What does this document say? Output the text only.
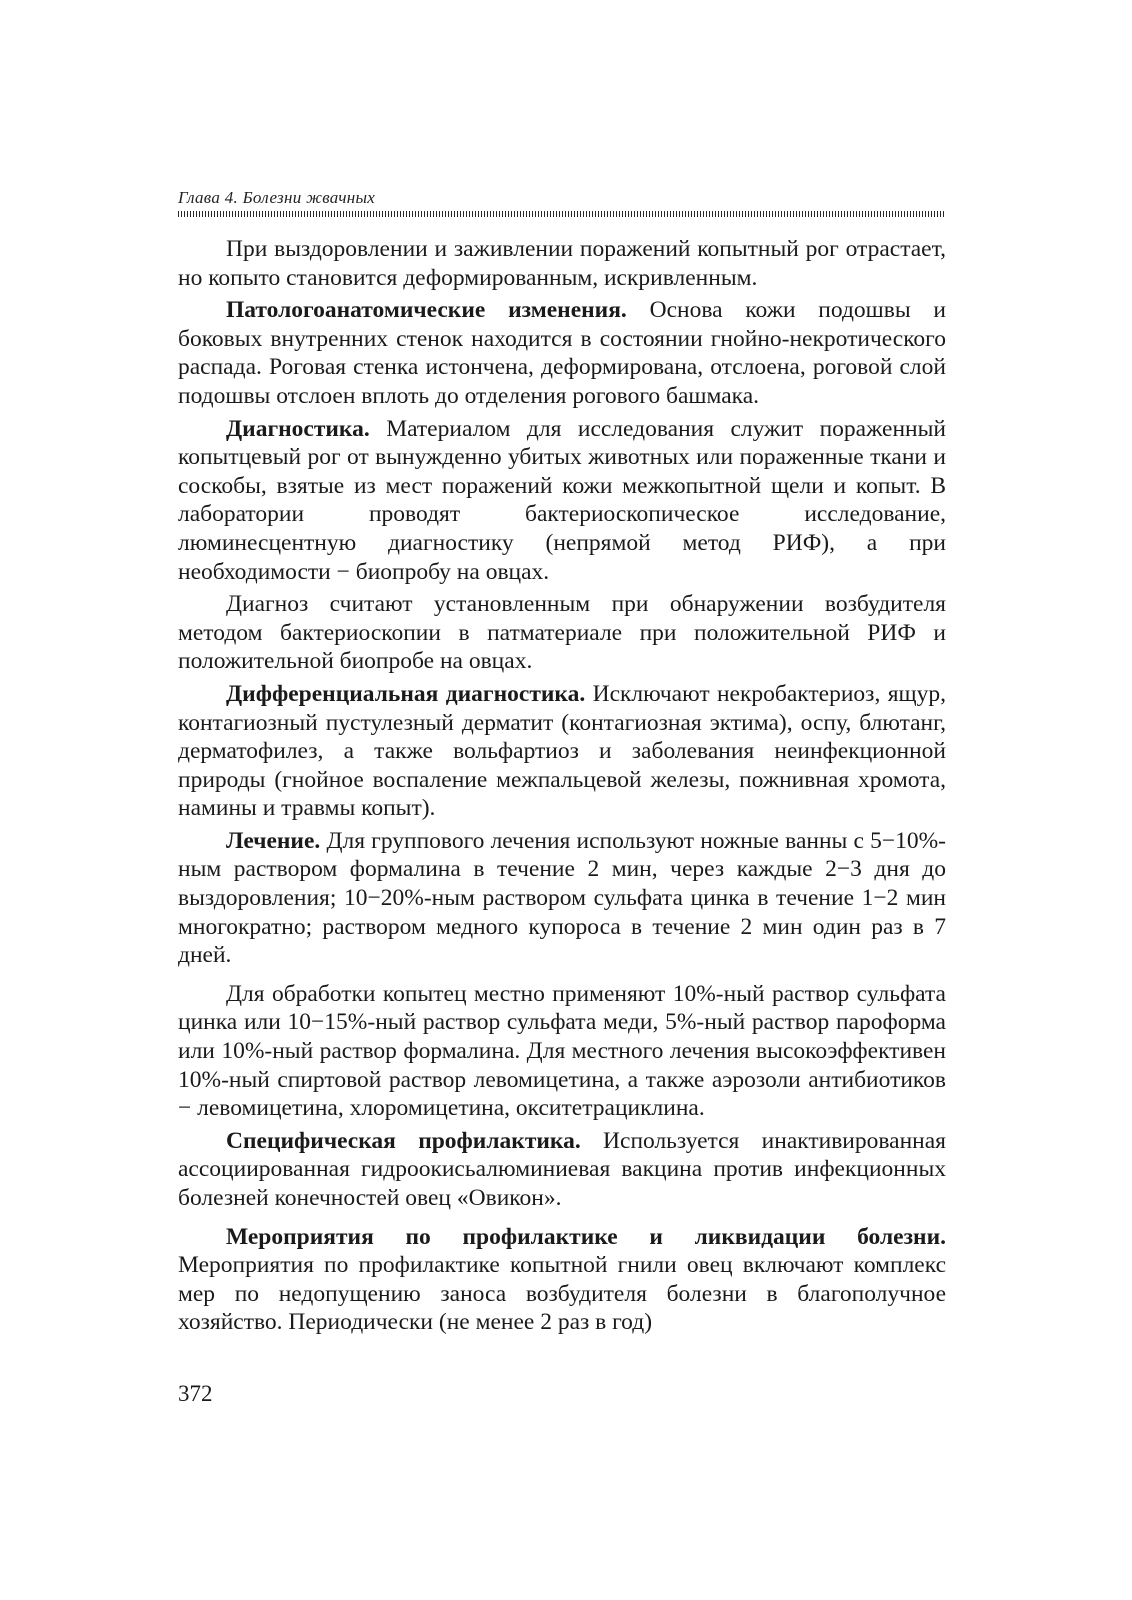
Глава 4. Болезни жвачных

При выздоровлении и заживлении поражений копытный рог отрастает, но копыто становится деформированным, искривленным.

Патологоанатомические изменения. Основа кожи подошвы и боковых внутренних стенок находится в состоянии гнойно-некротического распада. Роговая стенка истончена, деформирована, отслоена, роговой слой подошвы отслоен вплоть до отделения рогового башмака.

Диагностика. Материалом для исследования служит пораженный копытцевый рог от вынужденно убитых животных или пораженные ткани и соскобы, взятые из мест поражений кожи межкопытной щели и копыт. В лаборатории проводят бактериоскопическое исследование, люминесцентную диагностику (непрямой метод РИФ), а при необходимости − биопробу на овцах.

Диагноз считают установленным при обнаружении возбудителя методом бактериоскопии в патматериале при положительной РИФ и положительной биопробе на овцах.

Дифференциальная диагностика. Исключают некробактериоз, ящур, контагиозный пустулезный дерматит (контагиозная эктима), оспу, блютанг, дерматофилез, а также вольфартиоз и заболевания неинфекционной природы (гнойное воспаление межпальцевой железы, пожнивная хромота, намины и травмы копыт).

Лечение. Для группового лечения используют ножные ванны с 5−10%-ным раствором формалина в течение 2 мин, через каждые 2−3 дня до выздоровления; 10−20%-ным раствором сульфата цинка в течение 1−2 мин многократно; раствором медного купороса в течение 2 мин один раз в 7 дней.

Для обработки копытец местно применяют 10%-ный раствор сульфата цинка или 10−15%-ный раствор сульфата меди, 5%-ный раствор пароформа или 10%-ный раствор формалина. Для местного лечения высокоэффективен 10%-ный спиртовой раствор левомицетина, а также аэрозоли антибиотиков − левомицетина, хлоромицетина, окситетрациклина.

Специфическая профилактика. Используется инактивированная ассоциированная гидроокисьалюминиевая вакцина против инфекционных болезней конечностей овец «Овикон».

Мероприятия по профилактике и ликвидации болезни. Мероприятия по профилактике копытной гнили овец включают комплекс мер по недопущению заноса возбудителя болезни в благополучное хозяйство. Периодически (не менее 2 раз в год)

372
